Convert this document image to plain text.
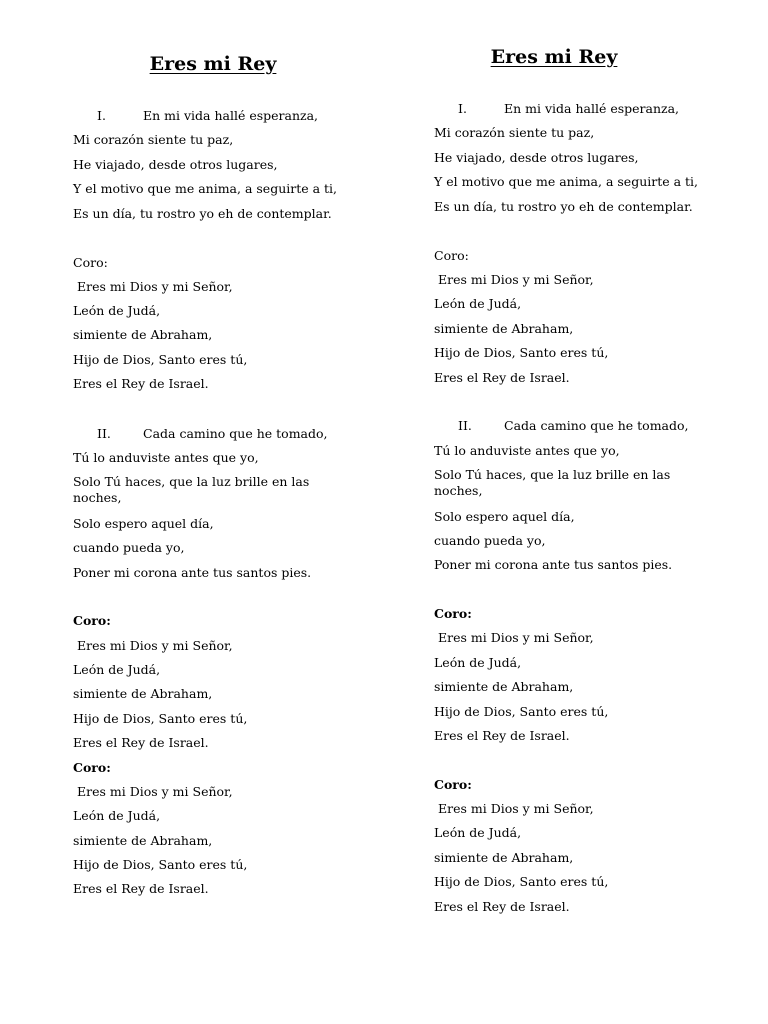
Eres mi Rey
I.	En mi vida hallé esperanza,
Mi corazón siente tu paz,
He viajado, desde otros lugares,
Y el motivo que me anima, a seguirte a ti,
Es un día, tu rostro yo eh de contemplar.
Coro:
Eres mi Dios y mi Señor,
León de Judá,
simiente de Abraham,
Hijo de Dios, Santo eres tú,
Eres el Rey de Israel.
II.	Cada camino que he tomado,
Tú lo anduviste antes que yo,
Solo Tú haces, que la luz brille en las noches,
Solo espero aquel día,
cuando pueda yo,
Poner mi corona ante tus santos pies.
Coro:
Eres mi Dios y mi Señor,
León de Judá,
simiente de Abraham,
Hijo de Dios, Santo eres tú,
Eres el Rey de Israel.
Coro:
Eres mi Dios y mi Señor,
León de Judá,
simiente de Abraham,
Hijo de Dios, Santo eres tú,
Eres el Rey de Israel.
Eres mi Rey
I.	En mi vida hallé esperanza,
Mi corazón siente tu paz,
He viajado, desde otros lugares,
Y el motivo que me anima, a seguirte a ti,
Es un día, tu rostro yo eh de contemplar.
Coro:
Eres mi Dios y mi Señor,
León de Judá,
simiente de Abraham,
Hijo de Dios, Santo eres tú,
Eres el Rey de Israel.
II.	Cada camino que he tomado,
Tú lo anduviste antes que yo,
Solo Tú haces, que la luz brille en las noches,
Solo espero aquel día,
cuando pueda yo,
Poner mi corona ante tus santos pies.
Coro:
Eres mi Dios y mi Señor,
León de Judá,
simiente de Abraham,
Hijo de Dios, Santo eres tú,
Eres el Rey de Israel.
Coro:
Eres mi Dios y mi Señor,
León de Judá,
simiente de Abraham,
Hijo de Dios, Santo eres tú,
Eres el Rey de Israel.
